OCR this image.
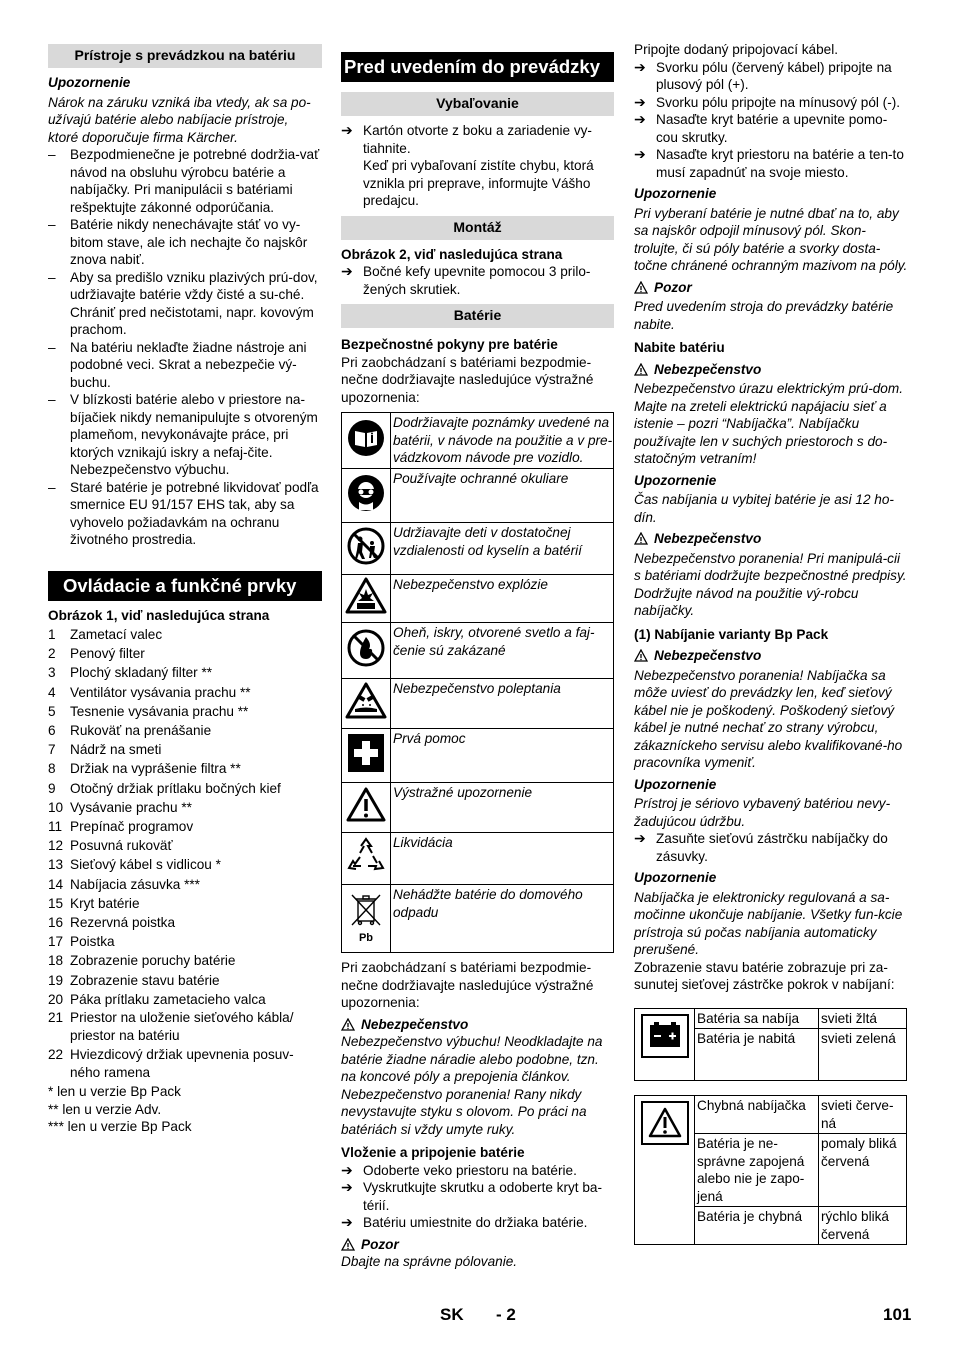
Prístroje s prevádzkou na batériu
Upozornenie

Nárok na záruku vzniká iba vtedy, ak sa po-užívajú batérie alebo nabíjacie prístroje, ktoré doporučuje firma Kärcher.

–	Bezpodmienečne je potrebné dodržia-vať návod na obsluhu výrobcu batérie a nabíjačky. Pri manipulácii s batériami rešpektujte zákonné odporúčania.
–	Batérie nikdy nenechávajte stáť vo vy-bitom stave, ale ich nechajte čo najskôr znova nabiť.
–	Aby sa predišlo vzniku plazivých prú-dov, udržiavajte batérie vždy čisté a su-ché. Chrániť pred nečistotami, napr. kovovým prachom.
–	Na batériu neklaďte žiadne nástroje ani podobné veci. Skrat a nebezpečie vý-buchu.
–	V blízkosti batérie alebo v priestore na-bíjačiek nikdy nemanipulujte s otvoreným plameňom, nevykonávajte práce, pri ktorých vznikajú iskry a nefaj-čite. Nebezpečenstvo výbuchu.
–	Staré batérie je potrebné likvidovať podľa smernice EU 91/157 EHS tak, aby sa vyhovelo požiadavkám na ochranu životného prostredia.
Ovládacie a funkčné prvky
Obrázok 1, viď nasledujúca strana
1	Zametací valec
2	Penový filter
3	Plochý skladaný filter **
4	Ventilátor vysávania prachu **
5	Tesnenie vysávania prachu **
6	Rukoväť na prenášanie
7	Nádrž na smeti
8	Držiak na vyprášenie filtra **
9	Otočný držiak prítlaku bočných kief
10 Vysávanie prachu **
11 Prepínač programov
12 Posuvná rukoväť
13 Sieťový kábel s vidlicou *
14 Nabíjacia zásuvka ***
15 Kryt batérie
16 Rezervná poistka
17 Poistka
18 Zobrazenie poruchy batérie
19 Zobrazenie stavu batérie
20 Páka prítlaku zametacieho valca
21 Priestor na uloženie sieťového kábla/ priestor na batériu
22 Hviezdicový držiak upevnenia posuv-ného ramena
* len u verzie Bp Pack
** len u verzie Adv.
*** len u verzie Bp Pack
Pred uvedením do prevádzky
Vybaľovanie
➔ Kartón otvorte z boku a zariadenie vy-tiahnite.

Keď pri vybaľovaní zistíte chybu, ktorá vznikla pri preprave, informujte Vášho predajcu.

Montáž
Obrázok 2, viď nasledujúca strana
➔ Bočné kefy upevnite pomocou 3 prilo-žených skrutiek.
Batérie
Bezpečnostné pokyny pre batérie

Pri zaobchádzaní s batériami bezpodmie-nečne dodržiavajte nasledujúce výstražné upozornenia:

	Dodržiavajte poznámky uvedené na batérii, v návode na použitie a v pre-vádzkovom návode pre vozidlo.

	Používajte ochranné okuliare

	Udržiavajte deti v dostatočnej vzdialenosti od kyselín a batérií

	Nebezpečenstvo explózie

	Oheň, iskry, otvorené svetlo a faj-čenie sú zakázané

	Nebezpečenstvo poleptania

	Prvá pomoc

	Výstražné upozornenie

	Likvidácia

Pb	Nehádžte batérie do domového odpadu

Pri zaobchádzaní s batériami bezpodmie-nečne dodržiavajte nasledujúce výstražné upozornenia:

Nebezpečenstvo

Nebezpečenstvo výbuchu! Neodkladajte na batérie žiadne náradie alebo podobne, tzn. na koncové póly a prepojenia článkov. Nebezpečenstvo poranenia! Rany nikdy nevystavujte styku s olovom. Po práci na batériách si vždy umyte ruky.

Vloženie a pripojenie batérie
➔ Odoberte veko priestoru na batérie.
➔ Vyskrutkujte skrutku a odoberte kryt ba-térií.
➔ Batériu umiestnite do držiaka batérie.
Pozor

Dbajte na správne pólovanie.

Pripojte dodaný pripojovací kábel.

➔ Svorku pólu (červený kábel) pripojte na plusový pól (+).
➔ Svorku pólu pripojte na mínusový pól (-).
➔ Nasaďte kryt batérie a upevnite pomo-cou skrutky.
➔ Nasaďte kryt priestoru na batérie a ten-to musí zapadnúť na svoje miesto.
Upozornenie

Pri vyberaní batérie je nutné dbať na to, aby sa najskôr odpojil mínusový pól. Skon-trolujte, či sú póly batérie a svorky dosta-točne chránené ochranným mazivom na póly.

Pozor

Pred uvedením stroja do prevádzky batérie nabite.

Nabite batériu
Nebezpečenstvo

Nebezpečenstvo úrazu elektrickým prú-dom. Majte na zreteli elektrickú napájaciu sieť a istenie – pozri “Nabíjačka”. Nabíjačku používajte len v suchých priestoroch s do-statočným vetraním!

Upozornenie

Čas nabíjania u vybitej batérie je asi 12 ho-dín.

Nebezpečenstvo

Nebezpečenstvo poranenia! Pri manipulá-cii s batériami dodržujte bezpečnostné predpisy. Dodržujte návod na použitie vý-robcu nabíjačky.

(1) Nabíjanie varianty Bp Pack
Nebezpečenstvo

Nebezpečenstvo poranenia! Nabíjačka sa môže uviesť do prevádzky len, keď sieťový kábel nie je poškodený. Poškodený sieťový kábel je nutné nechať zo strany výrobcu, zákazníckeho servisu alebo kvalifikované-ho pracovníka vymeniť.

Upozornenie

Prístroj je sériovo vybavený batériou nevy-žadujúcou údržbu.

➔ Zasuňte sieťovú zástrčku nabíjačky do zásuvky.
Upozornenie

Nabíjačka je elektronicky regulovaná a sa-močinne ukončuje nabíjanie. Všetky fun-kcie prístroja sú počas nabíjania automaticky prerušené.

Zobrazenie stavu batérie zobrazuje pri za-sunutej sieťovej zástrčke pokrok v nabíjaní:

	Batéria sa nabíja	svieti žltá
	Batéria je nabitá	svieti zelená
	Chybná nabíjačka	svieti červe-ná
	Batéria je ne-správne zapojená alebo nie je zapo-jená	pomaly bliká červená
	Batéria je chybná	rýchlo bliká červená
SK - 2	101
